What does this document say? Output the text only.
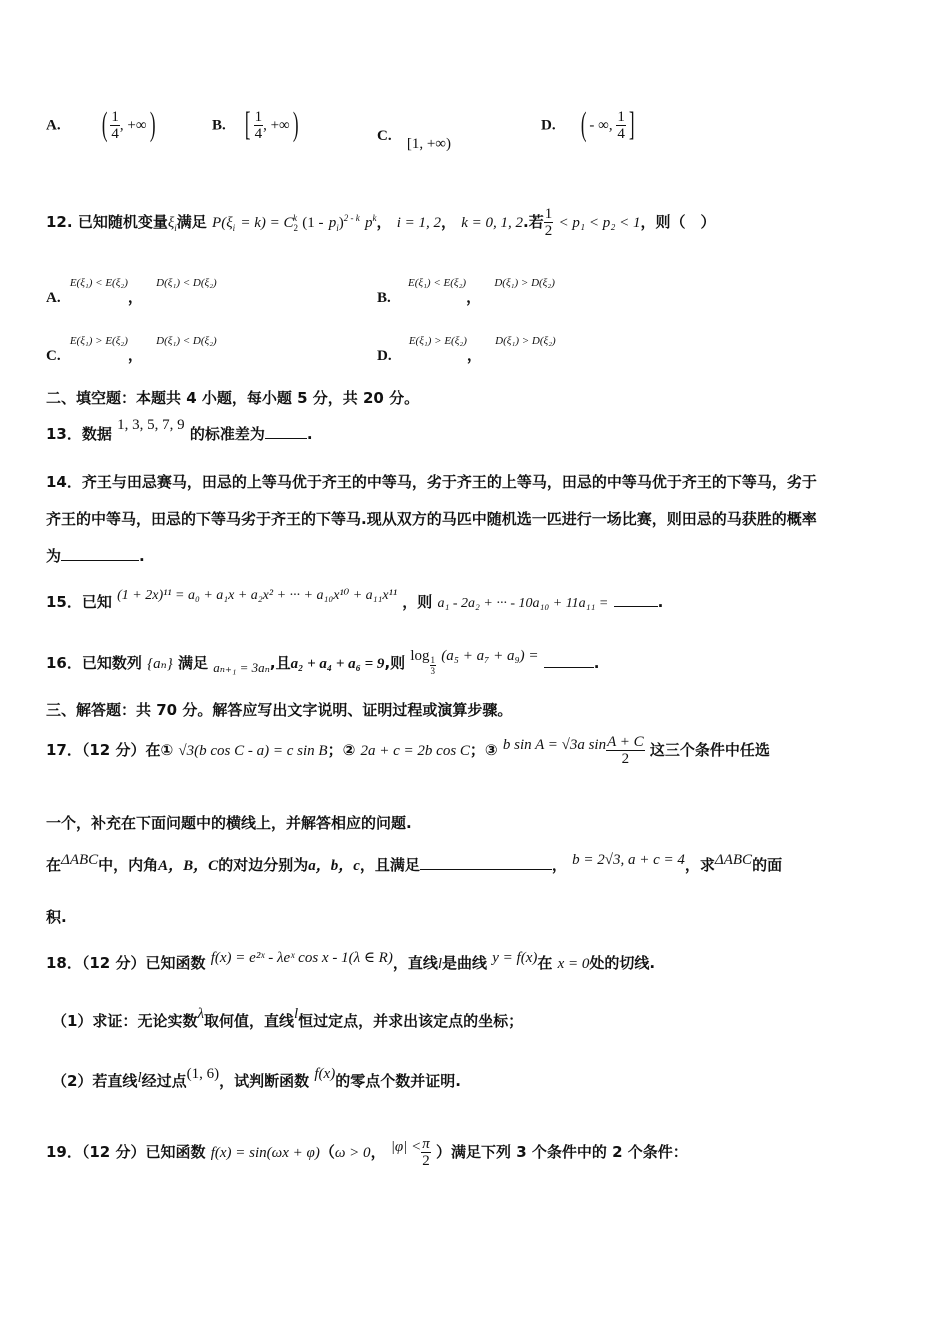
A. ( $\frac{1}{4}$ , +∞)	B. [ $\frac{1}{4}$ , +∞)	C. [1, +∞)
D. ( - ∞, $\frac{1}{4}$ ]
12. 已知随机变量$\xi_i$满足 $P(\xi_i = k) = C_2^k$ $(1 - p_i)^{2 - k}$ $p^k$， i = 1, 2， k = 0, 1, 2.若 $\frac{1}{2} < p_1 < p_2 < 1$，则（　）
A. E(ξ₁) < E(ξ₂)， D(ξ₁) < D(ξ₂)
B. E(ξ₁) < E(ξ₂)， D(ξ₁) > D(ξ₂)
C. E(ξ₁) > E(ξ₂)， D(ξ₁) < D(ξ₂)
D. E(ξ₁) > E(ξ₂)， D(ξ₁) > D(ξ₂)
二、填空题：本题共 4 小题，每小题 5 分，共 20 分。
13．数据 1, 3, 5, 7, 9 的标准差为	.
14．齐王与田忌赛马，田忌的上等马优于齐王的中等马，劣于齐王的上等马，田忌的中等马优于齐王的下等马，劣于
齐王的中等马，田忌的下等马劣于齐王的下等马.现从双方的马匹中随机选一匹进行一场比赛，则田忌的马获胜的概率
为	.
15．已知 (1 + 2x)¹¹ = a₀ + a₁x + a₂x² + ··· + a₁₀x¹⁰ + a₁₁x¹¹ ，则 a₁ - 2a₂ + ··· - 10a₁₀ + 11a₁₁ =	.
16．已知数列 {aₙ} 满足 aₙ₊₁ = 3aₙ,且a₂ + a₄ + a₆ = 9,则 $\log \frac{1}{3} (a_5 + a_7 + a_9)$ =	.
三、解答题：共 70 分。解答应写出文字说明、证明过程或演算步骤。
17．（12 分）在① √3(b cos C - a) = c sin B；② 2a + c = 2b cos C；③ b sin A = √3a $\sin \frac{A + C}{2}$ 这三个条件中任选
一个，补充在下面问题中的横线上，并解答相应的问题.
在ΔABC中，内角A，B，C的对边分别为a，b，c，且满足	， b = 2√3, a + c = 4，求ΔABC的面
积.
18．（12 分）已知函数 f(x) = e²ˣ - λeˣ cos x - 1(λ ∈ R)，直线l是曲线 y = f(x)在 x = 0处的切线.
（1）求证：无论实数λ取何值，直线l恒过定点，并求出该定点的坐标；
（2）若直线l经过点(1, 6)，试判断函数 f(x)的零点个数并证明.
19．（12 分）已知函数 f(x) = sin(ωx + φ)（ω > 0， $|\varphi| < \frac{\pi}{2}$ ）满足下列 3 个条件中的 2 个条件：
